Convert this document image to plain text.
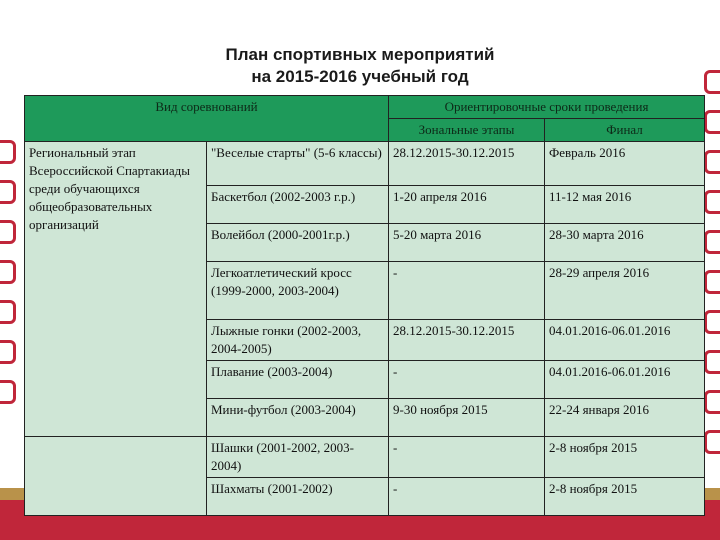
План спортивных мероприятий
на 2015-2016 учебный год
Вид соревнований		Ориентировочные сроки проведения	
		Зональные этапы	Финал
Региональный этап Всероссийской Спартакиады среди обучающихся общеобразовательных организаций	"Веселые старты" (5-6 классы)	28.12.2015-30.12.2015	Февраль 2016
	Баскетбол (2002-2003 г.р.)	1-20 апреля 2016	11-12 мая 2016
	Волейбол (2000-2001г.р.)	5-20 марта 2016	28-30 марта 2016
	Легкоатлетический кросс (1999-2000, 2003-2004)	-	28-29 апреля 2016
	Лыжные гонки (2002-2003, 2004-2005)	28.12.2015-30.12.2015	04.01.2016-06.01.2016
	Плавание (2003-2004)	-	04.01.2016-06.01.2016
	Мини-футбол (2003-2004)	9-30 ноября 2015	22-24 января 2016
	Шашки (2001-2002, 2003-2004)	-	2-8 ноября 2015
	Шахматы (2001-2002)	-	2-8 ноября 2015
